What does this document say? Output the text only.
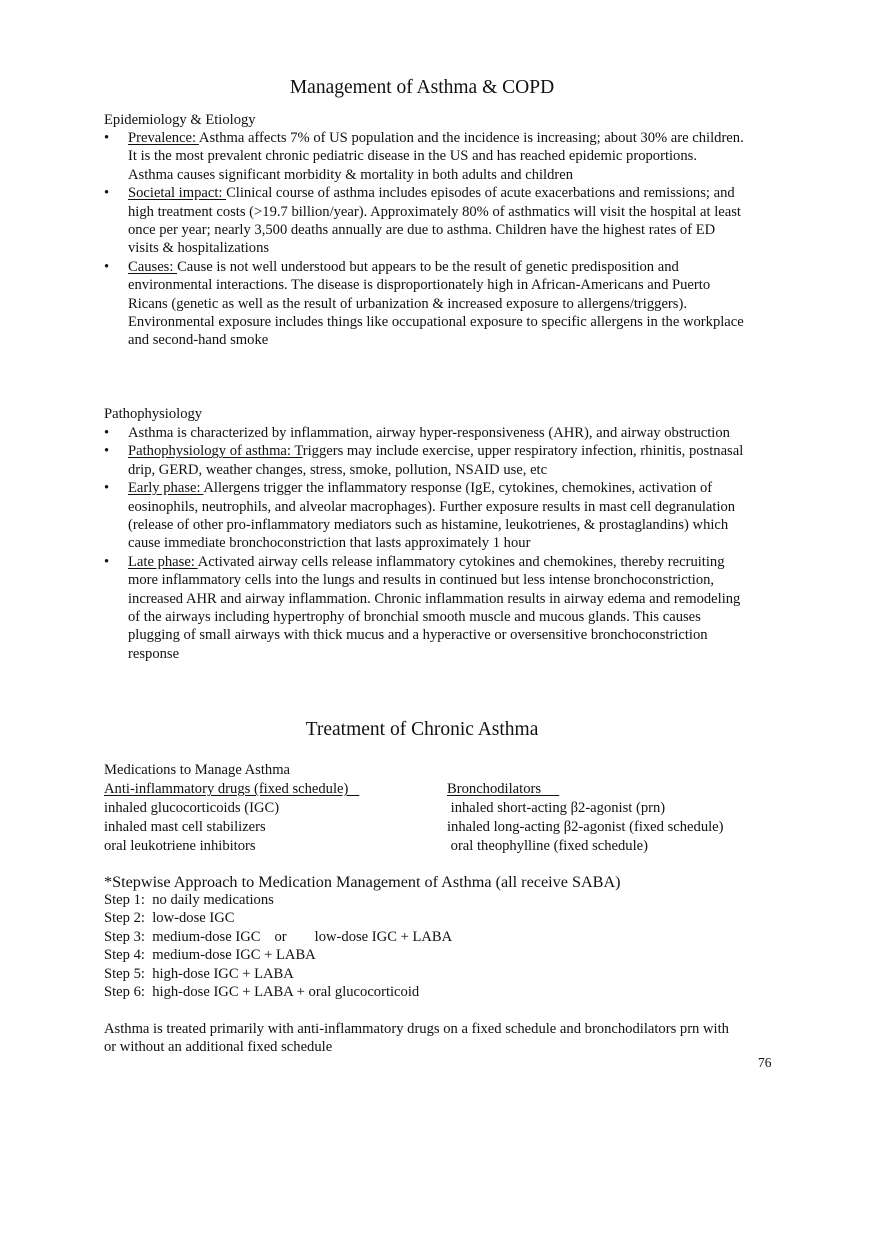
Management of Asthma & COPD
Epidemiology & Etiology
• Prevalence: Asthma affects 7% of US population and the incidence is increasing; about 30% are children. It is the most prevalent chronic pediatric disease in the US and has reached epidemic proportions. Asthma causes significant morbidity & mortality in both adults and children
• Societal impact: Clinical course of asthma includes episodes of acute exacerbations and remissions; and high treatment costs (>19.7 billion/year). Approximately 80% of asthmatics will visit the hospital at least once per year; nearly 3,500 deaths annually are due to asthma. Children have the highest rates of ED visits & hospitalizations
• Causes: Cause is not well understood but appears to be the result of genetic predisposition and environmental interactions. The disease is disproportionately high in African-Americans and Puerto Ricans (genetic as well as the result of urbanization & increased exposure to allergens/triggers). Environmental exposure includes things like occupational exposure to specific allergens in the workplace and second-hand smoke
Pathophysiology
• Asthma is characterized by inflammation, airway hyper-responsiveness (AHR), and airway obstruction
• Pathophysiology of asthma: Triggers may include exercise, upper respiratory infection, rhinitis, postnasal drip, GERD, weather changes, stress, smoke, pollution, NSAID use, etc
• Early phase: Allergens trigger the inflammatory response (IgE, cytokines, chemokines, activation of eosinophils, neutrophils, and alveolar macrophages). Further exposure results in mast cell degranulation (release of other pro-inflammatory mediators such as histamine, leukotrienes, & prostaglandins) which cause immediate bronchoconstriction that lasts approximately 1 hour
• Late phase: Activated airway cells release inflammatory cytokines and chemokines, thereby recruiting more inflammatory cells into the lungs and results in continued but less intense bronchoconstriction, increased AHR and airway inflammation. Chronic inflammation results in airway edema and remodeling of the airways including hypertrophy of bronchial smooth muscle and mucous glands. This causes plugging of small airways with thick mucus and a hyperactive or oversensitive bronchoconstriction response
Treatment of Chronic Asthma
Medications to Manage Asthma
Anti-inflammatory drugs (fixed schedule)	Bronchodilators
inhaled glucocorticoids (IGC)	inhaled short-acting β2-agonist (prn)
inhaled mast cell stabilizers	inhaled long-acting β2-agonist (fixed schedule)
oral leukotriene inhibitors	oral theophylline (fixed schedule)
*Stepwise Approach to Medication Management of Asthma (all receive SABA)
Step 1:  no daily medications
Step 2:  low-dose IGC
Step 3:  medium-dose IGC or low-dose IGC + LABA
Step 4:  medium-dose IGC + LABA
Step 5:  high-dose IGC + LABA
Step 6:  high-dose IGC + LABA + oral glucocorticoid

Asthma is treated primarily with anti-inflammatory drugs on a fixed schedule and bronchodilators prn with or without an additional fixed schedule

76
